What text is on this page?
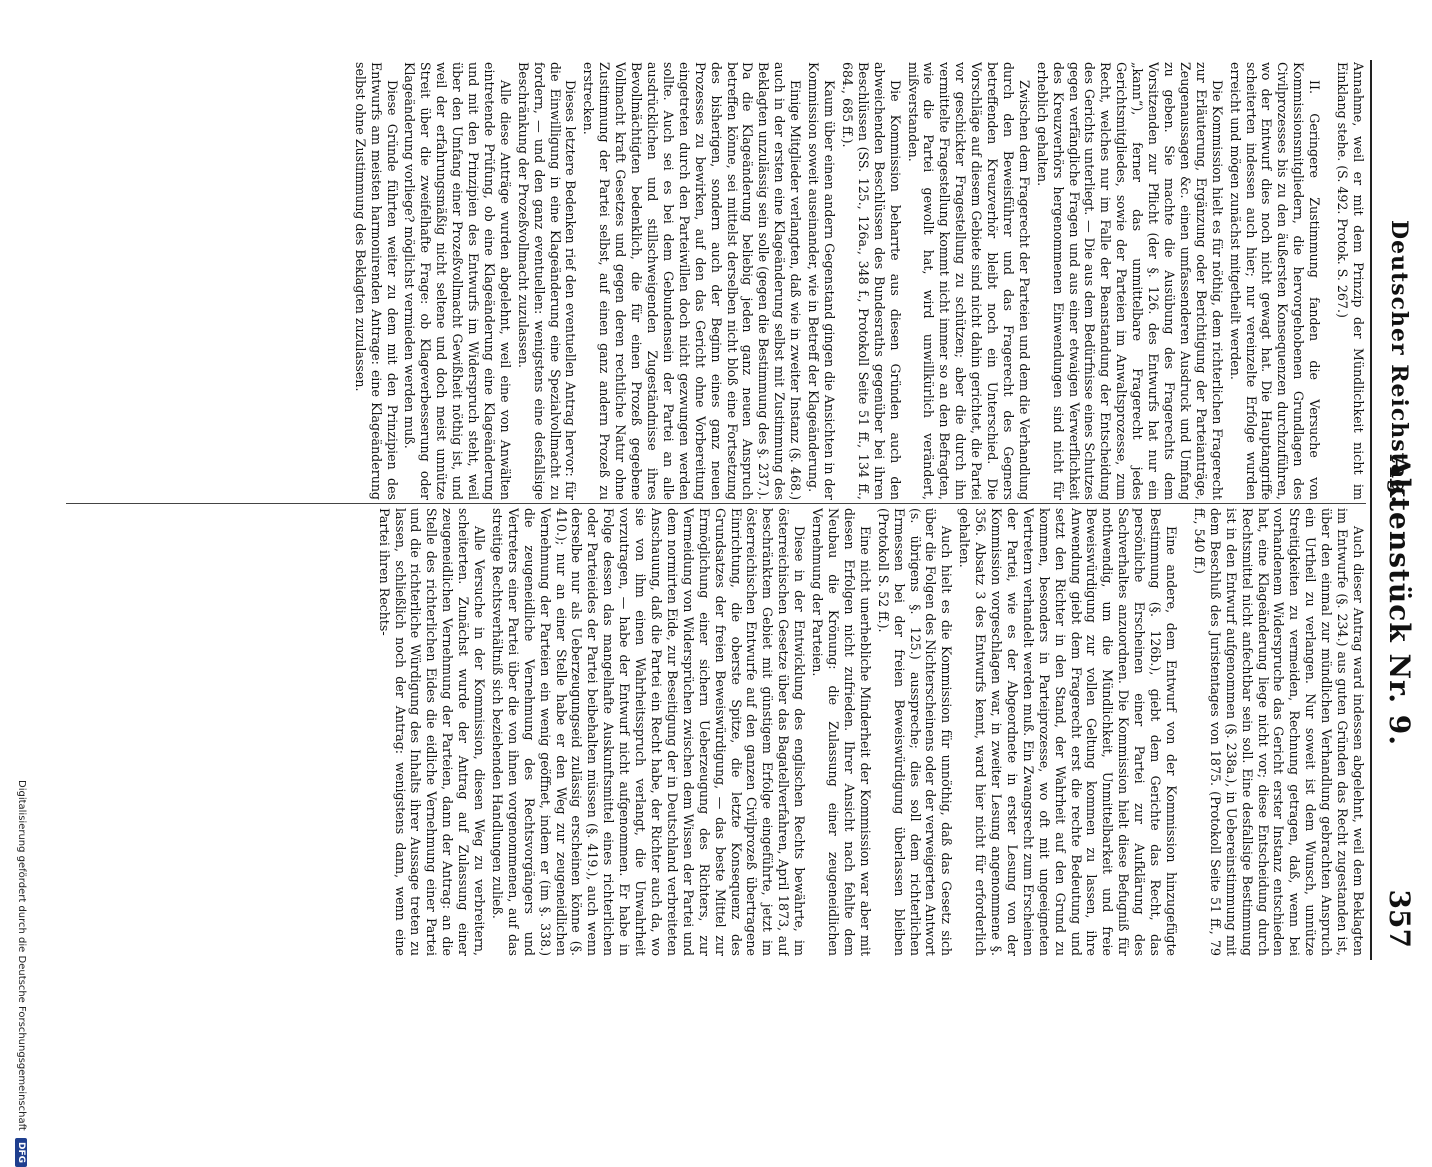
Deutscher Reichstag.
Aktenstück Nr. 9.
357

Annahme, weil er mit dem Prinzip der Mündlichkeit nicht im Einklang stehe. (S. 492. Protok. S. 267.)

II. Geringere Zustimmung fanden die Versuche von Kommissionsmitgliedern, die hervorgehobenen Grundlagen des Civilprozesses bis zu den äußersten Konsequenzen durchzuführen, wo der Entwurf dies noch nicht gewagt hat. Die Hauptangriffe scheiterten indessen auch hier; nur vereinzelte Erfolge wurden erreicht und mögen zunächst mitgetheilt werden.

Die Kommission hielt es für nöthig, dem richterlichen Fragerecht zur Erläuterung, Ergänzung oder Berichtigung der Parteianträge, Zeugenaussagen &c. einen umfassenderen Ausdruck und Umfang zu geben. Sie machte die Ausübung des Fragerechts dem Vorsitzenden zur Pflicht (der §. 126. des Entwurfs hat nur ein „kann“), ferner das unmittelbare Fragerecht jedes Gerichtsmitgliedes, sowie der Parteien im Anwaltsprozesse, zum Recht, welches nur im Falle der Beanstandung der Entscheidung des Gerichts unterliegt. — Die aus dem Bedürfnisse eines Schutzes gegen verfängliche Fragen und aus einer etwaigen Verwerflichkeit des Kreuzverhörs hergenommenen Einwendungen sind nicht für erheblich gehalten.

Zwischen dem Fragerecht der Parteien und dem die Verhandlung durch den Beweisführer und das Fragerecht des Gegners betreffenden Kreuzverhör bleibt noch ein Unterschied. Die Vorschläge auf diesem Gebiete sind nicht dahin gerichtet, die Partei vor geschickter Fragestellung zu schützen; aber die durch ihn vermittelte Fragestellung kommt nicht immer so an den Befragten, wie die Partei gewollt hat, wird unwillkürlich verändert, mißverstanden.

Die Kommission beharrte aus diesen Gründen auch den abweichenden Beschlüssen des Bundesraths gegenüber bei ihren Beschlüssen (SS. 125., 126a., 348 f., Protokoll Seite 51 ff., 134 ff., 684., 685 ff.).

Kaum über einen andern Gegenstand gingen die Ansichten in der Kommission soweit auseinander, wie in Betreff der Klageänderung.

Einige Mitglieder verlangten, daß wie in zweiter Instanz (§. 468.) auch in der ersten eine Klageänderung selbst mit Zustimmung des Beklagten unzulässig sein solle (gegen die Bestimmung des §. 237.). Da die Klageänderung beliebig jeden ganz neuen Anspruch betreffen könne, sei mittelst derselben nicht bloß eine Fortsetzung des bisherigen, sondern auch der Beginn eines ganz neuen Prozesses zu bewirken, auf den das Gericht ohne Vorbereitung eingetreten durch den Parteiwillen doch nicht gezwungen werden sollte. Auch sei es bei dem Gebundensein der Partei an alle ausdrücklichen und stillschweigenden Zugeständnisse ihres Bevollmächtigten bedenklich, die für einen Prozeß gegebene Vollmacht kraft Gesetzes und gegen deren rechtliche Natur ohne Zustimmung der Partei selbst, auf einen ganz andern Prozeß zu erstrecken.

Dieses letztere Bedenken rief den eventuellen Antrag hervor: für die Einwilligung in eine Klageänderung eine Spezialvollmacht zu fordern, — und den ganz eventuellen: wenigstens eine desfallsige Beschränkung der Prozeßvollmacht zuzulassen.

Alle diese Anträge wurden abgelehnt, weil eine von Anwälten eintretende Prüfung, ob eine Klageänderung eine Klageänderung und mit den Prinzipien des Entwurfs im Widerspruch steht, weil über den Umfang einer Prozeßvollmacht Gewißheit nöthig ist, und weil der erfahrungsmäßig nicht seltene und doch meist unnütze Streit über die zweifelhafte Frage: ob Klageverbesserung oder Klageänderung vorliege? möglichst vermieden werden muß.

Diese Gründe führten weiter zu dem mit den Prinzipien des Entwurfs am meisten harmonirenden Antrage: eine Klageänderung selbst ohne Zustimmung des Beklagten zuzulassen.

Auch dieser Antrag ward indessen abgelehnt, weil dem Beklagten im Entwurfe (§. 234.) aus guten Gründen das Recht zugestanden ist, über den einmal zur mündlichen Verhandlung gebrachten Anspruch ein Urtheil zu verlangen. Nur soweit ist dem Wunsch, unnütze Streitigkeiten zu vermeiden, Rechnung getragen, daß, wenn bei vorhandenem Widerspruche das Gericht erster Instanz entschieden hat, eine Klageänderung liege nicht vor; diese Entscheidung durch Rechtsmittel nicht anfechtbar sein soll. Eine desfallsige Bestimmung ist in den Entwurf aufgenommen (§. 238a.), in Uebereinstimmung mit dem Beschluß des Juristentages von 1875. (Protokoll Seite 51 ff., 79 ff., 540 ff.)

Eine andere, dem Entwurf von der Kommission hinzugefügte Bestimmung (§. 126b.), giebt dem Gerichte das Recht, das persönliche Erscheinen einer Partei zur Aufklärung des Sachverhaltes anzuordnen. Die Kommission hielt diese Befugniß für nothwendig, um die Mündlichkeit, Unmittelbarkeit und freie Beweiswürdigung zur vollen Geltung kommen zu lassen, ihre Anwendung giebt dem Fragerecht erst die rechte Bedeutung und setzt den Richter in den Stand, der Wahrheit auf den Grund zu kommen, besonders in Parteiprozesse, wo oft mit ungeeigneten Vertretern verhandelt werden muß. Ein Zwangsrecht zum Erscheinen der Partei, wie es der Abgeordnete in erster Lesung von der Kommission vorgeschlagen war, in zweiter Lesung angenommene §. 356. Absatz 3 des Entwurfs kennt, ward hier nicht für erforderlich gehalten.

Auch hielt es die Kommission für unnöthig, daß das Gesetz sich über die Folgen des Nichterscheinens oder der verweigerten Antwort (s. übrigens §. 125.) ausspreche; dies soll dem richterlichen Ermessen bei der freien Beweiswürdigung überlassen bleiben (Protokoll S. 52 ff.).

Eine nicht unerhebliche Minderheit der Kommission war aber mit diesen Erfolgen nicht zufrieden. Ihrer Ansicht nach fehlte dem Neubau die Krönung: die Zulassung einer zeugeneidlichen Vernehmung der Parteien.

Diese in der Entwicklung des englischen Rechts bewährte, im österreichischen Gesetze über das Bagatellverfahren, April 1873, auf beschränktem Gebiet mit günstigem Erfolge eingeführte, jetzt im österreichischen Entwurfe auf den ganzen Civilprozeß übertragene Einrichtung, die oberste Spitze, die letzte Konsequenz des Grundsatzes der freien Beweiswürdigung, — das beste Mittel zur Ermöglichung einer sichern Ueberzeugung des Richters, zur Vermeidung von Widersprüchen zwischen dem Wissen der Partei und dem normirten Eide, zur Beseitigung der in Deutschland verbreiteten Anschauung, daß die Partei ein Recht habe, der Richter auch da, wo sie von ihm einen Wahrheitsspruch verlangt, die Unwahrheit vorzutragen, — habe der Entwurf nicht aufgenommen. Er habe in Folge dessen das mangelhafte Auskunftsmittel eines richterlichen oder Parteieides der Partei beibehalten müssen (§. 419.), auch wenn derselbe nur als Ueberzeugungseid zulässig erscheinen könne (§. 410.); nur an einer Stelle habe er den Weg zur zeugeneidlichen Vernehmung der Parteien ein wenig geöffnet, indem er (im §. 338.) die zeugeneidliche Vernehmung des Rechtsvorgängers und Vertreters einer Partei über die von ihnen vorgenommenen, auf das streitige Rechtsverhältniß sich beziehenden Handlungen zuließ.

Alle Versuche in der Kommission, diesen Weg zu verbreitern, scheiterten. Zunächst wurde der Antrag auf Zulassung einer zeugeneidlichen Vernehmung der Parteien, dann der Antrag: an die Stelle des richterlichen Eides die eidliche Vernehmung einer Partei und die richterliche Würdigung des Inhalts ihrer Aussage treten zu lassen, schließlich noch der Antrag: wenigstens dann, wenn eine Partei ihren Rechts-

Digitalisierung gefördert durch die Deutsche Forschungsgemeinschaft DFG
